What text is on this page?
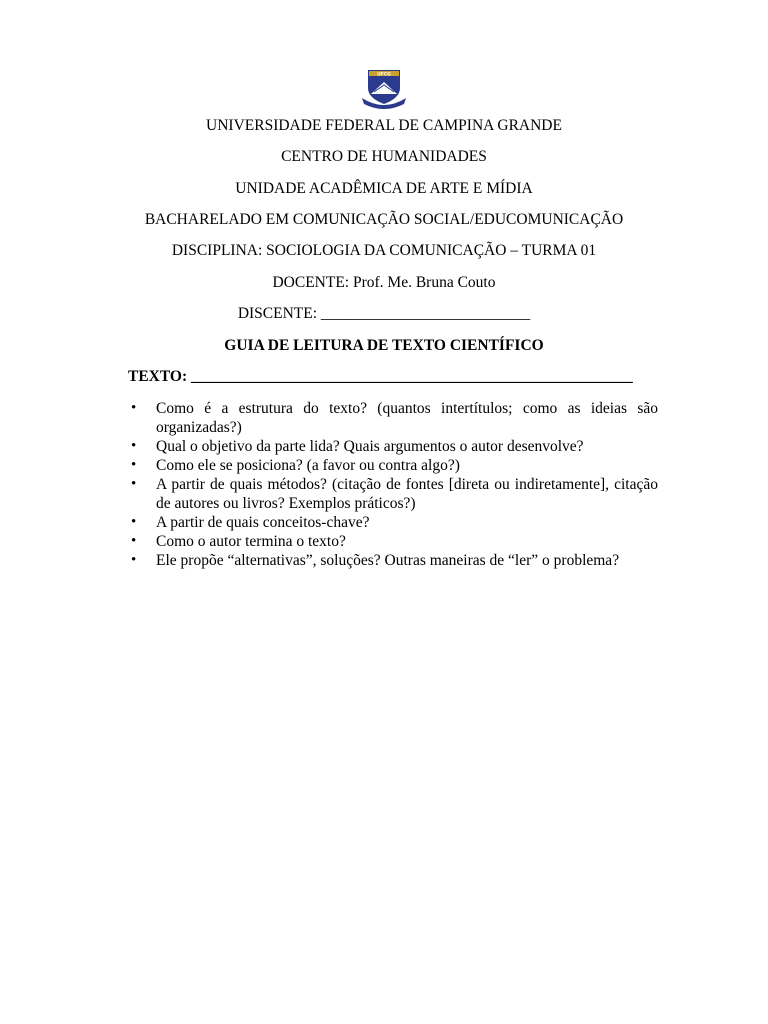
UFCG
UNIVERSIDADE FEDERAL DE CAMPINA GRANDE
CENTRO DE HUMANIDADES
UNIDADE ACADÊMICA DE ARTE E MÍDIA
BACHARELADO EM COMUNICAÇÃO SOCIAL/EDUCOMUNICAÇÃO
DISCIPLINA: SOCIOLOGIA DA COMUNICAÇÃO – TURMA 01
DOCENTE: Prof. Me. Bruna Couto
DISCENTE: ___________________________
GUIA DE LEITURA DE TEXTO CIENTÍFICO
TEXTO: _________________________________________________________
• Como é a estrutura do texto? (quantos intertítulos; como as ideias são organizadas?)
• Qual o objetivo da parte lida? Quais argumentos o autor desenvolve?
• Como ele se posiciona? (a favor ou contra algo?)
• A partir de quais métodos? (citação de fontes [direta ou indiretamente], citação de autores ou livros? Exemplos práticos?)
• A partir de quais conceitos-chave?
• Como o autor termina o texto?
• Ele propõe “alternativas”, soluções? Outras maneiras de “ler” o problema?
